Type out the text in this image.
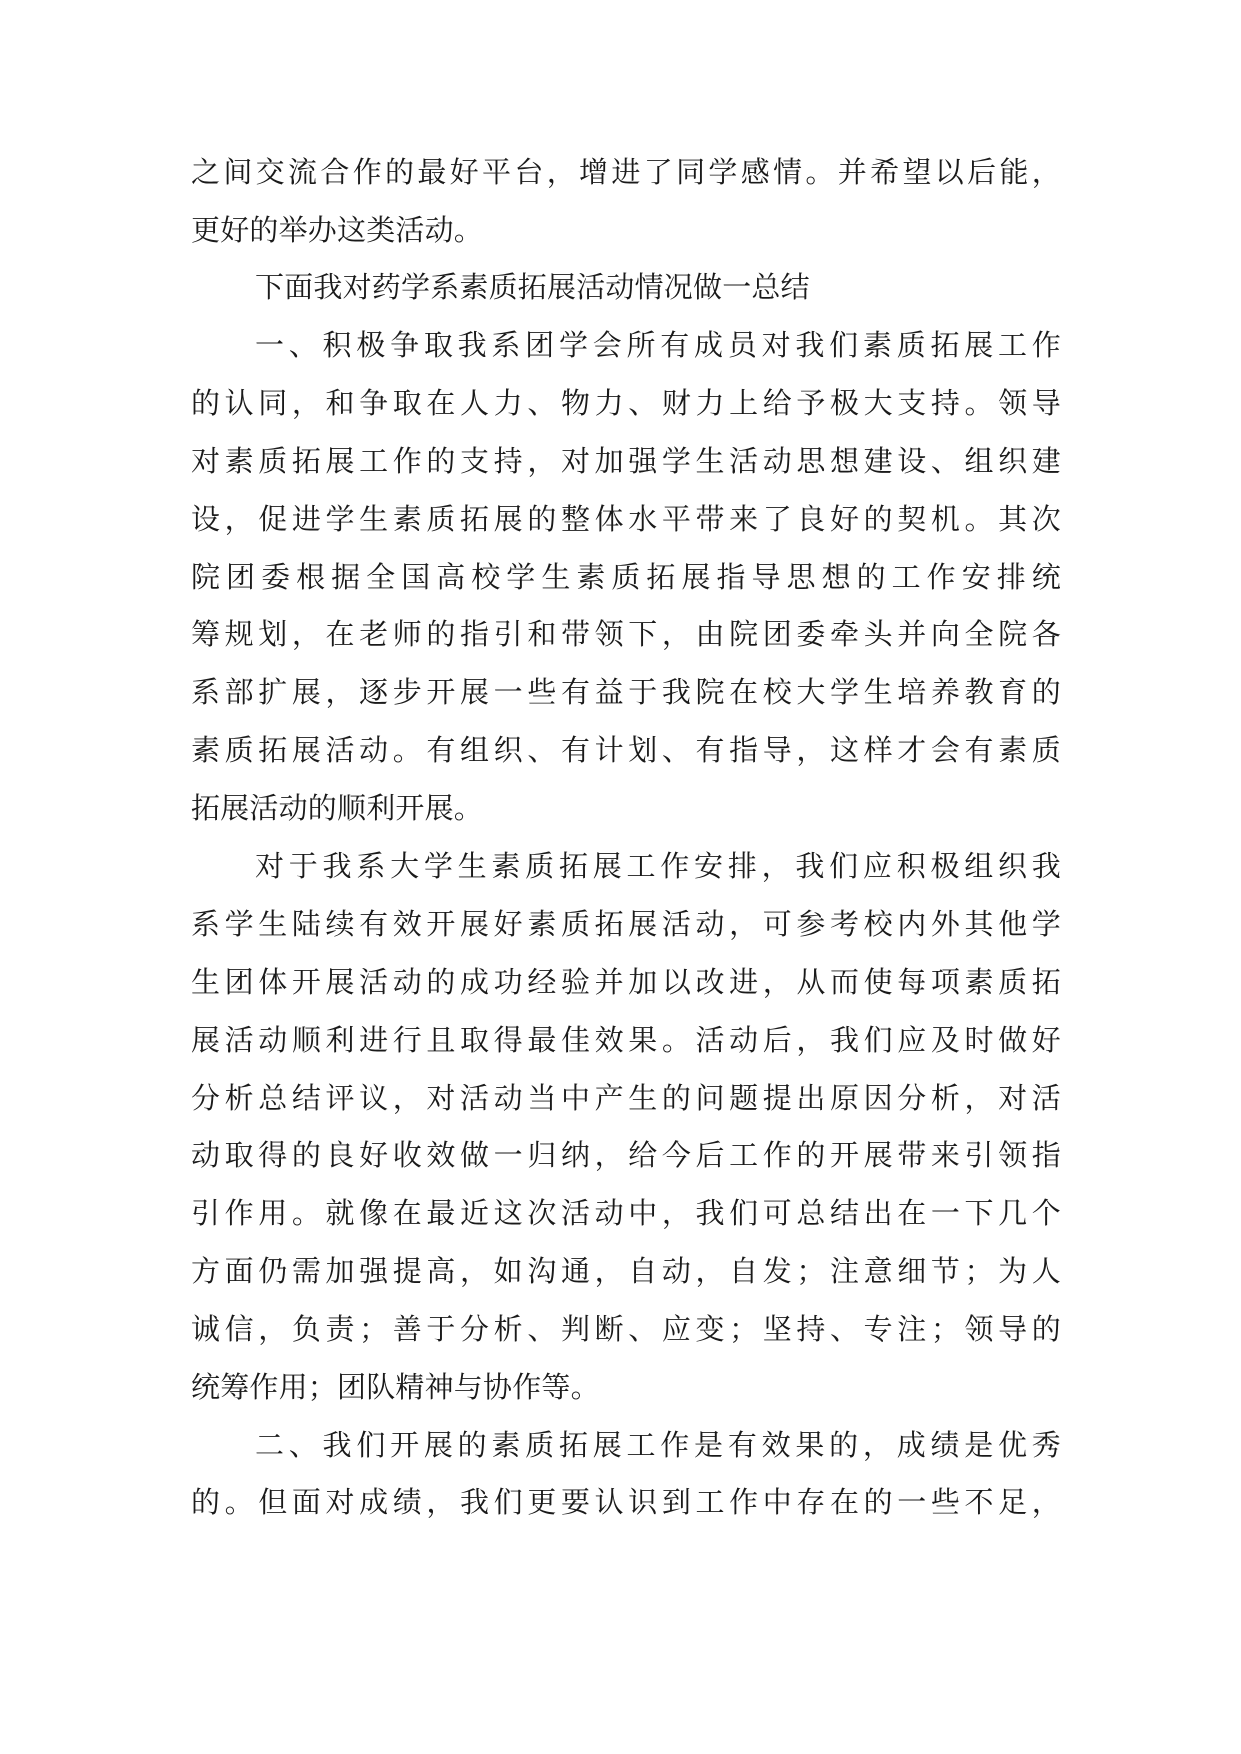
之间交流合作的最好平台，增进了同学感情。并希望以后能，
更好的举办这类活动。
下面我对药学系素质拓展活动情况做一总结
一、积极争取我系团学会所有成员对我们素质拓展工作
的认同，和争取在人力、物力、财力上给予极大支持。领导
对素质拓展工作的支持，对加强学生活动思想建设、组织建
设，促进学生素质拓展的整体水平带来了良好的契机。其次
院团委根据全国高校学生素质拓展指导思想的工作安排统
筹规划，在老师的指引和带领下，由院团委牵头并向全院各
系部扩展，逐步开展一些有益于我院在校大学生培养教育的
素质拓展活动。有组织、有计划、有指导，这样才会有素质
拓展活动的顺利开展。
对于我系大学生素质拓展工作安排，我们应积极组织我
系学生陆续有效开展好素质拓展活动，可参考校内外其他学
生团体开展活动的成功经验并加以改进，从而使每项素质拓
展活动顺利进行且取得最佳效果。活动后，我们应及时做好
分析总结评议，对活动当中产生的问题提出原因分析，对活
动取得的良好收效做一归纳，给今后工作的开展带来引领指
引作用。就像在最近这次活动中，我们可总结出在一下几个
方面仍需加强提高，如沟通，自动，自发；注意细节；为人
诚信，负责；善于分析、判断、应变；坚持、专注；领导的
统筹作用；团队精神与协作等。
二、我们开展的素质拓展工作是有效果的，成绩是优秀
的。但面对成绩，我们更要认识到工作中存在的一些不足，
